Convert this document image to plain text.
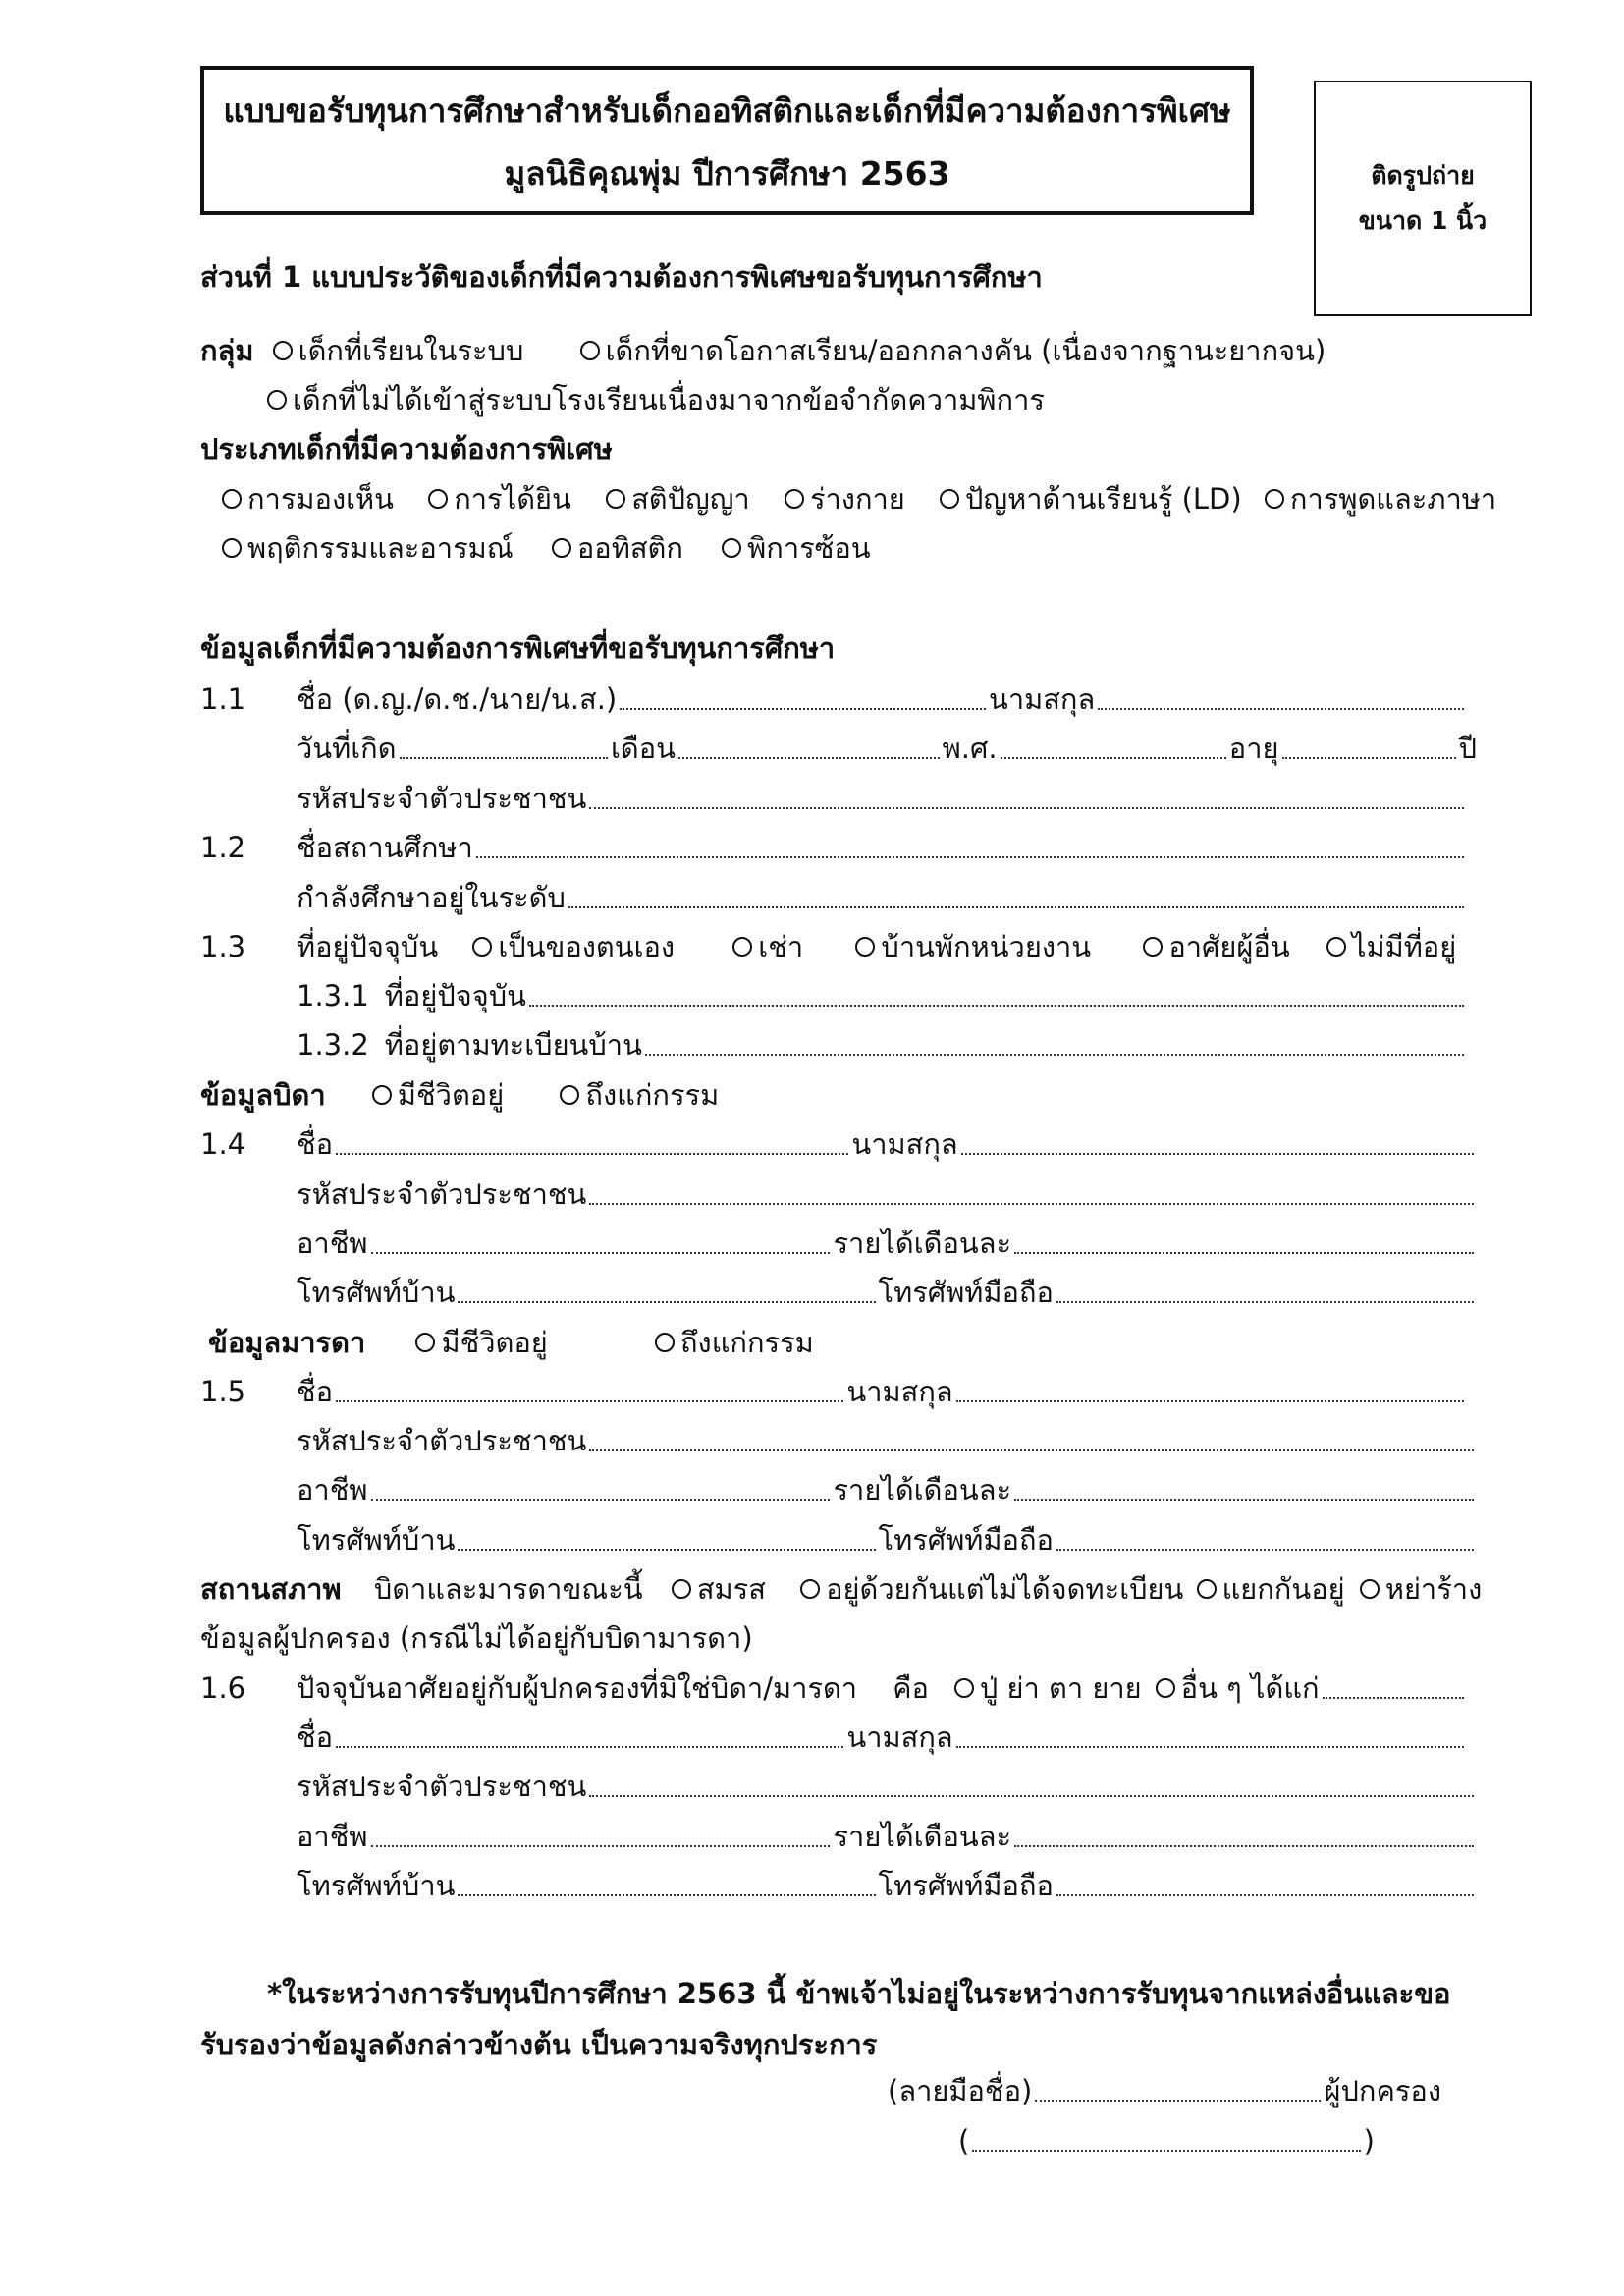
แบบขอรับทุนการศึกษาสำหรับเด็กออทิสติกและเด็กที่มีความต้องการพิเศษ
มูลนิธิคุณพุ่ม ปีการศึกษา 2563	ติดรูปถ่าย
ขนาด 1 นิ้ว
ส่วนที่ 1 แบบประวัติของเด็กที่มีความต้องการพิเศษขอรับทุนการศึกษา
กลุ่ม เด็กที่เรียนในระบบ
	เด็กที่ขาดโอกาสเรียน/ออกกลางคัน (เนื่องจากฐานะยากจน)
เด็กที่ไม่ได้เข้าสู่ระบบโรงเรียนเนื่องมาจากข้อจำกัดความพิการ
ประเภทเด็กที่มีความต้องการพิเศษ
การมองเห็น
การได้ยิน
สติปัญญา
ร่างกาย
ปัญหาด้านเรียนรู้ (LD)
การพูดและภาษา
พฤติกรรมและอารมณ์
ออทิสติก
พิการซ้อน
ข้อมูลเด็กที่มีความต้องการพิเศษที่ขอรับทุนการศึกษา
1.1 ชื่อ (ด.ญ./ด.ช./นาย/น.ส.)	นามสกุล
วันที่เกิด	เดือน	พ.ศ.	อายุ	ปี
รหัสประจำตัวประชาชน
1.2 ชื่อสถานศึกษา
กำลังศึกษาอยู่ในระดับ
1.3 ที่อยู่ปัจจุบัน เป็นของตนเอง
	เช่า
	บ้านพักหน่วยงาน
	อาศัยผู้อื่น
ไม่มีที่อยู่
1.3.1 ที่อยู่ปัจจุบัน
1.3.2 ที่อยู่ตามทะเบียนบ้าน
ข้อมูลบิดา	มีชีวิตอยู่
	ถึงแก่กรรม
1.4 ชื่อ	นามสกุล
รหัสประจำตัวประชาชน
อาชีพ	รายได้เดือนละ
โทรศัพท์บ้าน	โทรศัพท์มือถือ
ข้อมูลมารดา	มีชีวิตอยู่
	ถึงแก่กรรม
1.5 ชื่อ	นามสกุล
รหัสประจำตัวประชาชน
อาชีพ	รายได้เดือนละ
โทรศัพท์บ้าน	โทรศัพท์มือถือ
สถานสภาพ บิดาและมารดาขณะนี้ สมรส
อยู่ด้วยกันแต่ไม่ได้จดทะเบียน
แยกกันอยู่
หย่าร้าง
ข้อมูลผู้ปกครอง (กรณีไม่ได้อยู่กับบิดามารดา)
1.6 ปัจจุบันอาศัยอยู่กับผู้ปกครองที่มิใช่บิดา/มารดา คือ ปู่ ย่า ตา ยาย อื่น ๆ ได้แก่
ชื่อ	นามสกุล
รหัสประจำตัวประชาชน
อาชีพ	รายได้เดือนละ
โทรศัพท์บ้าน	โทรศัพท์มือถือ
*ในระหว่างการรับทุนปีการศึกษา 2563 นี้ ข้าพเจ้าไม่อยู่ในระหว่างการรับทุนจากแหล่งอื่นและขอ
รับรองว่าข้อมูลดังกล่าวข้างต้น เป็นความจริงทุกประการ
(ลายมือชื่อ)	ผู้ปกครอง
(	)
